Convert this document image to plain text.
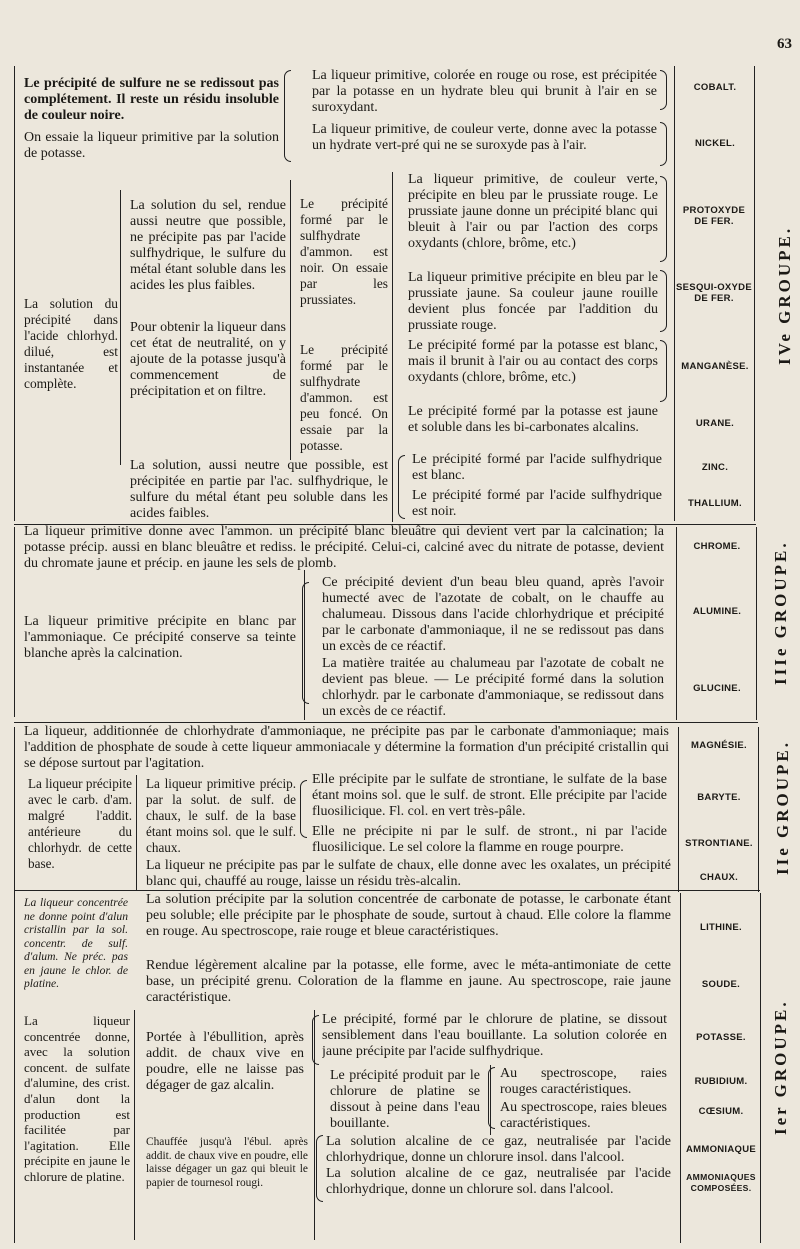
63

Le précipité de sulfure ne se redissout pas complétement. Il reste un résidu insoluble de couleur noire.

On essaie la liqueur primitive par la solution de potasse.

La liqueur primitive, colorée en rouge ou rose, est précipitée par la potasse en un hydrate bleu qui brunit à l'air en se suroxydant.

La liqueur primitive, de couleur verte, donne avec la potasse un hydrate vert-pré qui ne se suroxyde pas à l'air.

La solution du précipité dans l'acide chlorhyd. dilué, est instantanée et complète.

La solution du sel, rendue aussi neutre que possible, ne précipite pas par l'acide sulfhydrique, le sulfure du métal étant soluble dans les acides les plus faibles.

Pour obtenir la liqueur dans cet état de neutralité, on y ajoute de la potasse jusqu'à commencement de précipitation et on filtre.

Le précipité formé par le sulfhydrate d'ammon. est noir. On essaie par les prussiates.

Le précipité formé par le sulfhydrate d'ammon. est peu foncé. On essaie par la potasse.

La liqueur primitive, de couleur verte, précipite en bleu par le prussiate rouge. Le prussiate jaune donne un précipité blanc qui bleuit à l'air ou par l'action des corps oxydants (chlore, brôme, etc.)

La liqueur primitive précipite en bleu par le prussiate jaune. Sa couleur jaune rouille devient plus foncée par l'addition du prussiate rouge.

Le précipité formé par la potasse est blanc, mais il brunit à l'air ou au contact des corps oxydants (chlore, brôme, etc.)

Le précipité formé par la potasse est jaune et soluble dans les bi-carbonates alcalins.

La solution, aussi neutre que possible, est précipitée en partie par l'ac. sulfhydrique, le sulfure du métal étant peu soluble dans les acides faibles.

Le précipité formé par l'acide sulfhydrique est blanc.

Le précipité formé par l'acide sulfhydrique est noir.

COBALT.
NICKEL.
PROTOXYDE DE FER.
SESQUI-OXYDE DE FER.
MANGANÈSE.
URANE.
ZINC.
THALLIUM.
IVe GROUPE.

La liqueur primitive donne avec l'ammon. un précipité blanc bleuâtre qui devient vert par la calcination; la potasse précip. aussi en blanc bleuâtre et rediss. le précipité. Celui-ci, calciné avec du nitrate de potasse, devient du chromate jaune et précip. en jaune les sels de plomb.

La liqueur primitive précipite en blanc par l'ammoniaque. Ce précipité conserve sa teinte blanche après la calcination.

Ce précipité devient d'un beau bleu quand, après l'avoir humecté avec de l'azotate de cobalt, on le chauffe au chalumeau. Dissous dans l'acide chlorhydrique et précipité par le carbonate d'ammoniaque, il ne se redissout pas dans un excès de ce réactif.

La matière traitée au chalumeau par l'azotate de cobalt ne devient pas bleue. — Le précipité formé dans la solution chlorhydr. par le carbonate d'ammoniaque, se redissout dans un excès de ce réactif.

CHROME.
ALUMINE.
GLUCINE.
IIIe GROUPE.

La liqueur, additionnée de chlorhydrate d'ammoniaque, ne précipite pas par le carbonate d'ammoniaque; mais l'addition de phosphate de soude à cette liqueur ammoniacale y détermine la formation d'un précipité cristallin qui se dépose surtout par l'agitation.

La liqueur précipite avec le carb. d'am. malgré l'addit. antérieure du chlorhydr. de cette base.

La liqueur primitive précip. par la solut. de sulf. de chaux, le sulf. de la base étant moins sol. que le sulf. chaux.

Elle précipite par le sulfate de strontiane, le sulfate de la base étant moins sol. que le sulf. de stront. Elle précipite par l'acide fluosilicique. Fl. col. en vert très-pâle.

Elle ne précipite ni par le sulf. de stront., ni par l'acide fluosilicique. Le sel colore la flamme en rouge pourpre.

La liqueur ne précipite pas par le sulfate de chaux, elle donne avec les oxalates, un précipité blanc qui, chauffé au rouge, laisse un résidu très-alcalin.

MAGNÉSIE.
BARYTE.
STRONTIANE.
CHAUX.
IIe GROUPE.

La liqueur concentrée ne donne point d'alun cristallin par la sol. concentr. de sulf. d'alum. Ne préc. pas en jaune le chlor. de platine.

La solution précipite par la solution concentrée de carbonate de potasse, le carbonate étant peu soluble; elle précipite par le phosphate de soude, surtout à chaud. Elle colore la flamme en rouge. Au spectroscope, raie rouge et bleue caractéristiques.

Rendue légèrement alcaline par la potasse, elle forme, avec le méta-antimoniate de cette base, un précipité grenu. Coloration de la flamme en jaune. Au spectroscope, raie jaune caractéristique.

La liqueur concentrée donne, avec la solution concent. de sulfate d'alumine, des crist. d'alun dont la production est facilitée par l'agitation. Elle précipite en jaune le chlorure de platine.

Portée à l'ébullition, après addit. de chaux vive en poudre, elle ne laisse pas dégager de gaz alcalin.

Le précipité, formé par le chlorure de platine, se dissout sensiblement dans l'eau bouillante. La solution colorée en jaune précipite par l'acide sulfhydrique.

Le précipité produit par le chlorure de platine se dissout à peine dans l'eau bouillante.

Au spectroscope, raies rouges caractéristiques.

Au spectroscope, raies bleues caractéristiques.

Chauffée jusqu'à l'ébul. après addit. de chaux vive en poudre, elle laisse dégager un gaz qui bleuit le papier de tournesol rougi.

La solution alcaline de ce gaz, neutralisée par l'acide chlorhydrique, donne un chlorure insol. dans l'alcool.

La solution alcaline de ce gaz, neutralisée par l'acide chlorhydrique, donne un chlorure sol. dans l'alcool.

LITHINE.
SOUDE.
POTASSE.
RUBIDIUM.
CŒSIUM.
AMMONIAQUE
AMMONIAQUES COMPOSÉES.
Ier GROUPE.
